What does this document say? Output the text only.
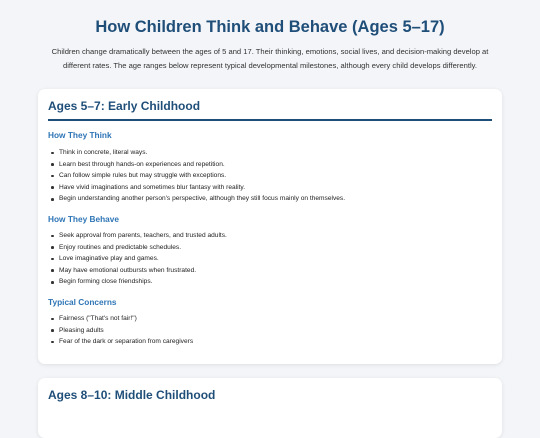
How Children Think and Behave (Ages 5–17)

Children change dramatically between the ages of 5 and 17. Their thinking, emotions, social lives, and decision-making develop at different rates. The age ranges below represent typical developmental milestones, although every child develops differently.

Ages 5–7: Early Childhood
How They Think
Think in concrete, literal ways.
Learn best through hands-on experiences and repetition.
Can follow simple rules but may struggle with exceptions.
Have vivid imaginations and sometimes blur fantasy with reality.
Begin understanding another person's perspective, although they still focus mainly on themselves.
How They Behave
Seek approval from parents, teachers, and trusted adults.
Enjoy routines and predictable schedules.
Love imaginative play and games.
May have emotional outbursts when frustrated.
Begin forming close friendships.
Typical Concerns
Fairness ("That's not fair!")
Pleasing adults
Fear of the dark or separation from caregivers
Ages 8–10: Middle Childhood
